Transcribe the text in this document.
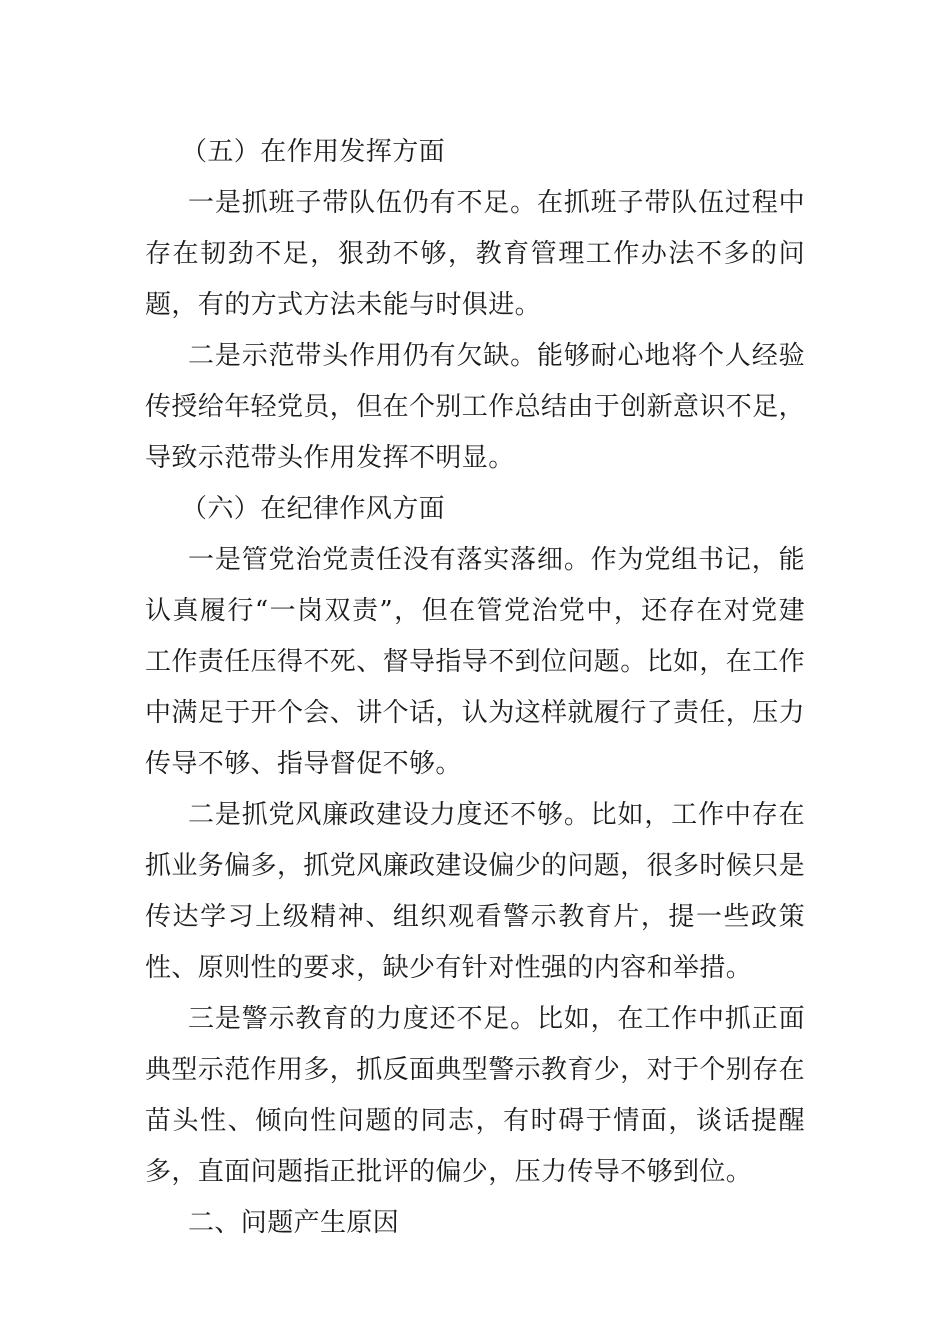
（五）在作用发挥方面

一是抓班子带队伍仍有不足。在抓班子带队伍过程中存在韧劲不足，狠劲不够，教育管理工作办法不多的问题，有的方式方法未能与时俱进。

二是示范带头作用仍有欠缺。能够耐心地将个人经验传授给年轻党员，但在个别工作总结由于创新意识不足，导致示范带头作用发挥不明显。

（六）在纪律作风方面

一是管党治党责任没有落实落细。作为党组书记，能认真履行“一岗双责”，但在管党治党中，还存在对党建工作责任压得不死、督导指导不到位问题。比如，在工作中满足于开个会、讲个话，认为这样就履行了责任，压力传导不够、指导督促不够。

二是抓党风廉政建设力度还不够。比如，工作中存在抓业务偏多，抓党风廉政建设偏少的问题，很多时候只是传达学习上级精神、组织观看警示教育片，提一些政策性、原则性的要求，缺少有针对性强的内容和举措。

三是警示教育的力度还不足。比如，在工作中抓正面典型示范作用多，抓反面典型警示教育少，对于个别存在苗头性、倾向性问题的同志，有时碍于情面，谈话提醒多，直面问题指正批评的偏少，压力传导不够到位。

二、问题产生原因
